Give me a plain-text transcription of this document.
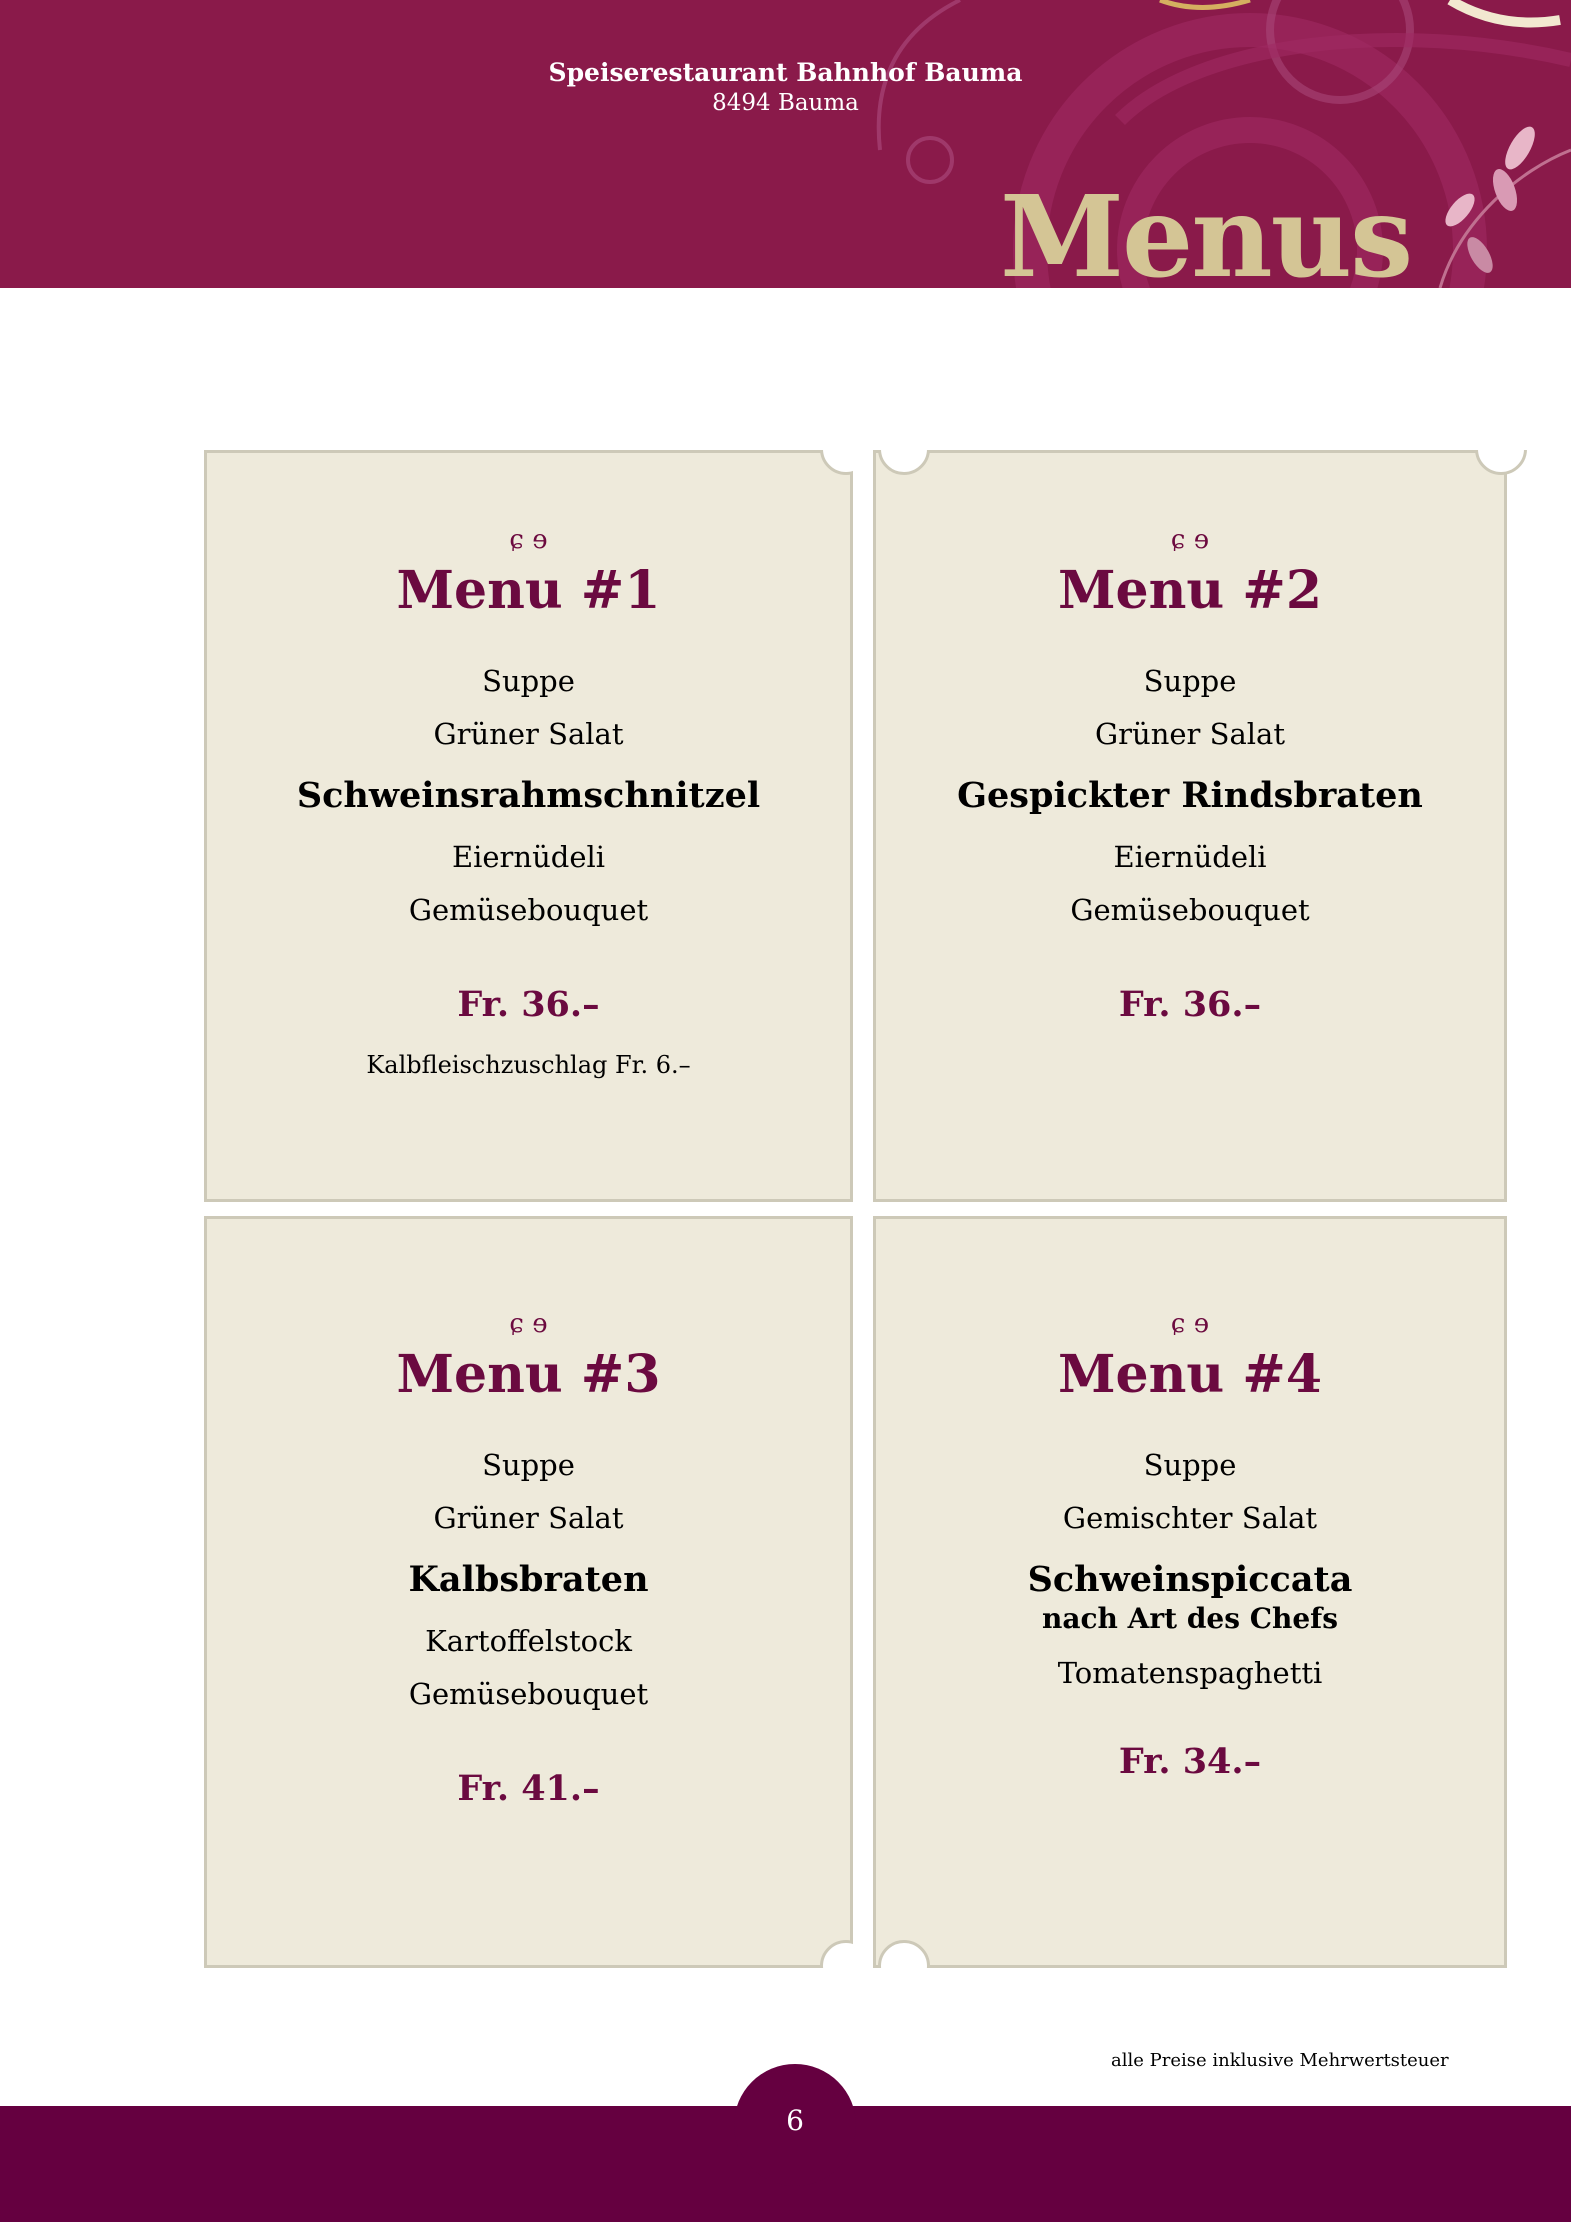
Speiserestaurant Bahnhof Bauma
8494 Bauma
Menus
ɕ ɘ
Menu #1
Suppe
Grüner Salat
Schweinsrahmschnitzel
Eiernüdeli
Gemüsebouquet
Fr. 36.–
Kalbfleischzuschlag Fr. 6.–
ɕ ɘ
Menu #2
Suppe
Grüner Salat
Gespickter Rindsbraten
Eiernüdeli
Gemüsebouquet
Fr. 36.–
ɕ ɘ
Menu #3
Suppe
Grüner Salat
Kalbsbraten
Kartoffelstock
Gemüsebouquet
Fr. 41.–
ɕ ɘ
Menu #4
Suppe
Gemischter Salat
Schweinspiccata
nach Art des Chefs
Tomatenspaghetti
Fr. 34.–
alle Preise inklusive Mehrwertsteuer
6
